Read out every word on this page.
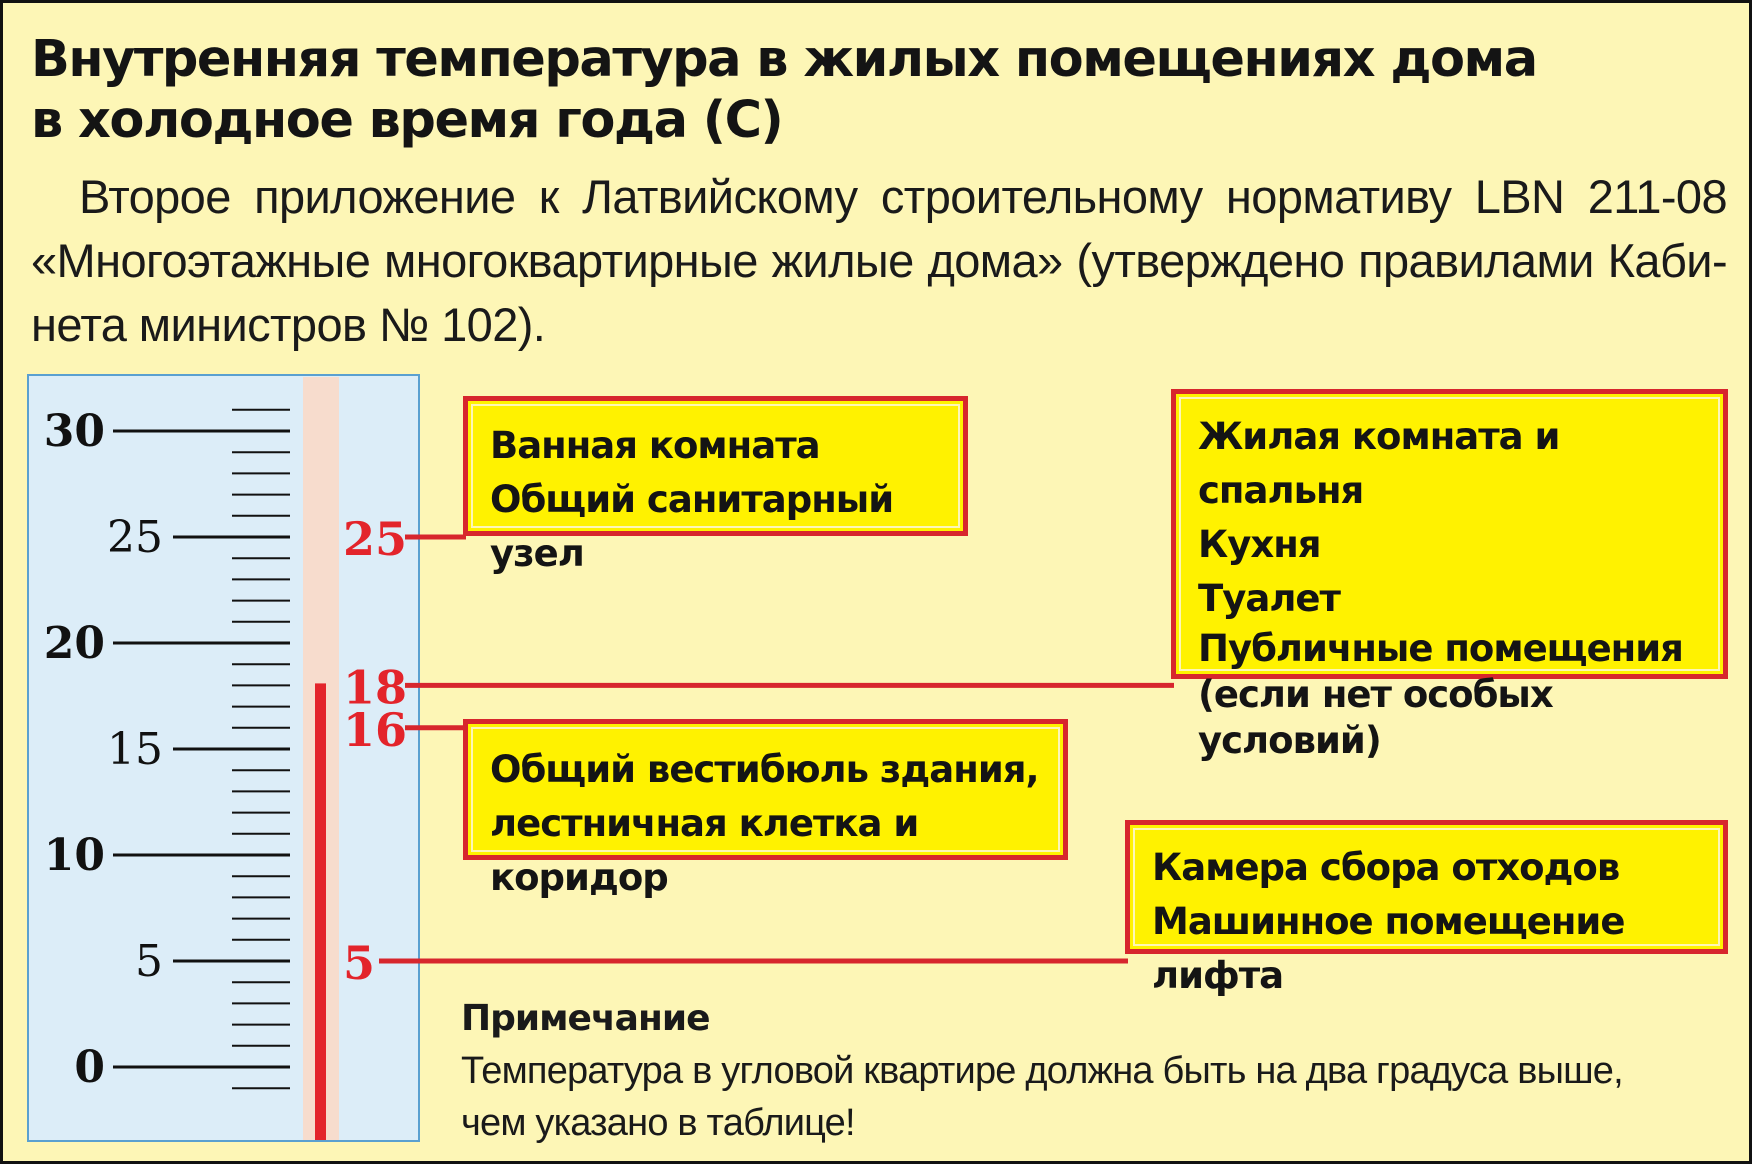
Внутренняя температура в жилых помещениях дома
в холодное время года (С)
Второе приложение к Латвийскому строительному нормативу LBN 211-08
«Многоэтажные многоквартирные жилые дома» (утверждено правилами Каби-
нета министров № 102).
0
5
10
15
20
25
30
25
18
16
5
Ванная комната
Общий санитарный узел
Жилая комната и спальня
Кухня
Туалет
Публичные помещения
(если нет особых условий)
Общий вестибюль здания,
лестничная клетка и коридор	Камера сбора отходов
Машинное помещение лифта
Примечание
Температура в угловой квартире должна быть на два градуса выше,
чем указано в таблице!
